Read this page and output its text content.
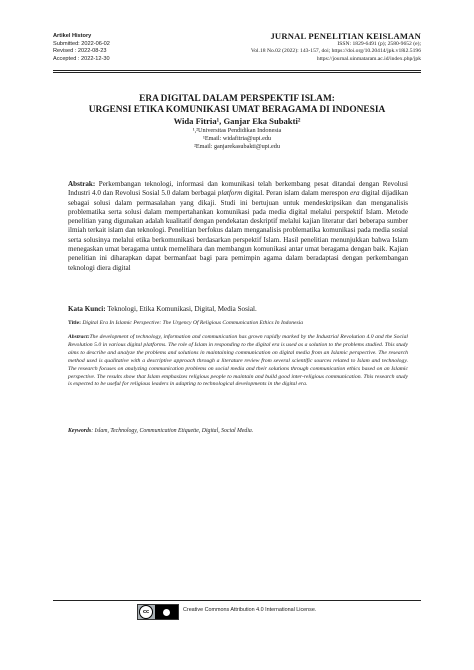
Artikel History
Submitted: 2022-06-02
Revised : 2022-08-23
Accepted : 2022-12-30
JURNAL PENELITIAN KEISLAMAN
ISSN: 1829-6491 (p); 2580-9652 (e);
Vol.18 No.02 (2022): 143-157, doi; https://doi.org/10.20414/jpk.v18i2.5196
https://journal.uinmataram.ac.id/index.php/jpk
ERA DIGITAL DALAM PERSPEKTIF ISLAM:
URGENSI ETIKA KOMUNIKASI UMAT BERAGAMA DI INDONESIA
Wida Fitria¹, Ganjar Eka Subakti²
¹,²Universitas Pendidikan Indonesia
¹Email: widafitria@upi.edu
²Email: ganjarekasubakti@upi.edu
Abstrak: Perkembangan teknologi, informasi dan komunikasi telah berkembang pesat ditandai dengan Revolusi Industri 4.0 dan Revolusi Sosial 5.0 dalam berbagai platform digital. Peran islam dalam merespon era digital dijadikan sebagai solusi dalam permasalahan yang dikaji. Studi ini bertujuan untuk mendeskripsikan dan menganalisis problematika serta solusi dalam mempertahankan komunikasi pada media digital melalui perspektif Islam. Metode penelitian yang digunakan adalah kualitatif dengan pendekatan deskriptif melalui kajian literatur dari beberapa sumber ilmiah terkait islam dan teknologi. Penelitian berfokus dalam menganalisis problematika komunikasi pada media sosial serta solusinya melalui etika berkomunikasi berdasarkan perspektif Islam. Hasil penelitian menunjukkan bahwa Islam menegaskan umat beragama untuk memelihara dan membangun komunikasi antar umat beragama dengan baik. Kajian penelitian ini diharapkan dapat bermanfaat bagi para pemimpin agama dalam beradaptasi dengan perkembangan teknologi diera digital
Kata Kunci: Teknologi, Etika Komunikasi, Digital, Media Sosial.
Title: Digital Era In Islamic Perspective: The Urgency Of Religious Communication Ethics In Indonesia
Abstract:The development of technology, information and communication has grown rapidly marked by the Industrial Revolution 4.0 and the Social Revolution 5.0 in various digital platforms. The role of Islam in responding to the digital era is used as a solution to the problems studied. This study aims to describe and analyze the problems and solutions in maintaining communication on digital media from an Islamic perspective. The research method used is qualitative with a descriptive approach through a literature review from several scientific sources related to Islam and technology. The research focuses on analyzing communication problems on social media and their solutions through communication ethics based on an Islamic perspective. The results show that Islam emphasizes religious people to maintain and build good inter-religious communication. This research study is expected to be useful for religious leaders in adapting to technological developments in the digital era.
Keywords: Islam, Technology, Communication Etiquette, Digital, Social Media.
cc	Creative Commons Attribution 4.0 International License.
